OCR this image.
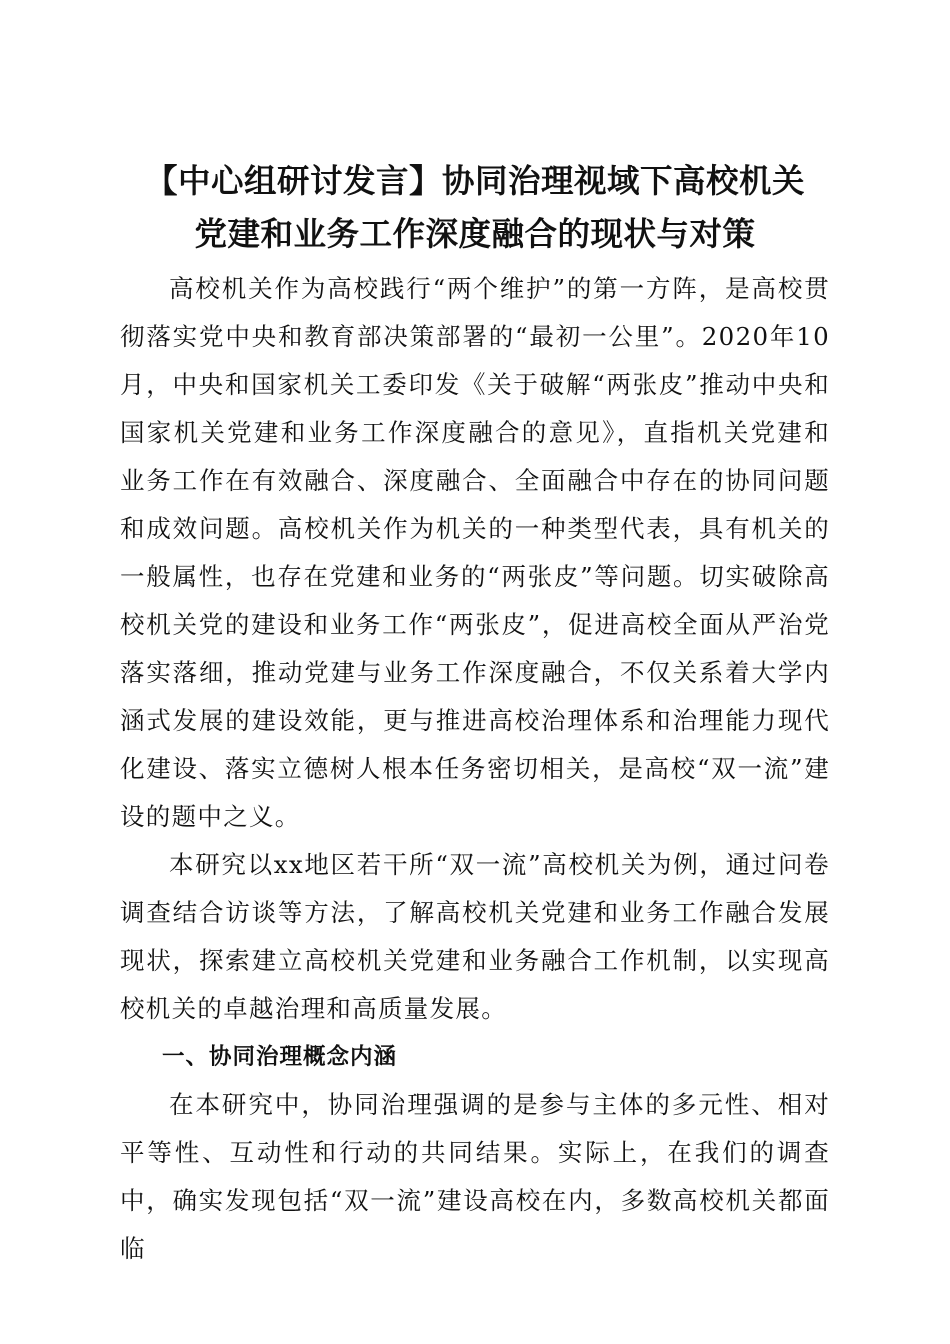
【中心组研讨发言】协同治理视域下高校机关
党建和业务工作深度融合的现状与对策

高校机关作为高校践行“两个维护”的第一方阵，是高校贯彻落实党中央和教育部决策部署的“最初一公里”。2020年10月，中央和国家机关工委印发《关于破解“两张皮”推动中央和国家机关党建和业务工作深度融合的意见》，直指机关党建和业务工作在有效融合、深度融合、全面融合中存在的协同问题和成效问题。高校机关作为机关的一种类型代表，具有机关的一般属性，也存在党建和业务的“两张皮”等问题。切实破除高校机关党的建设和业务工作“两张皮”，促进高校全面从严治党落实落细，推动党建与业务工作深度融合，不仅关系着大学内涵式发展的建设效能，更与推进高校治理体系和治理能力现代化建设、落实立德树人根本任务密切相关，是高校“双一流”建设的题中之义。

本研究以xx地区若干所“双一流”高校机关为例，通过问卷调查结合访谈等方法，了解高校机关党建和业务工作融合发展现状，探索建立高校机关党建和业务融合工作机制，以实现高校机关的卓越治理和高质量发展。

一、协同治理概念内涵

在本研究中，协同治理强调的是参与主体的多元性、相对平等性、互动性和行动的共同结果。实际上，在我们的调查中，确实发现包括“双一流”建设高校在内，多数高校机关都面临
